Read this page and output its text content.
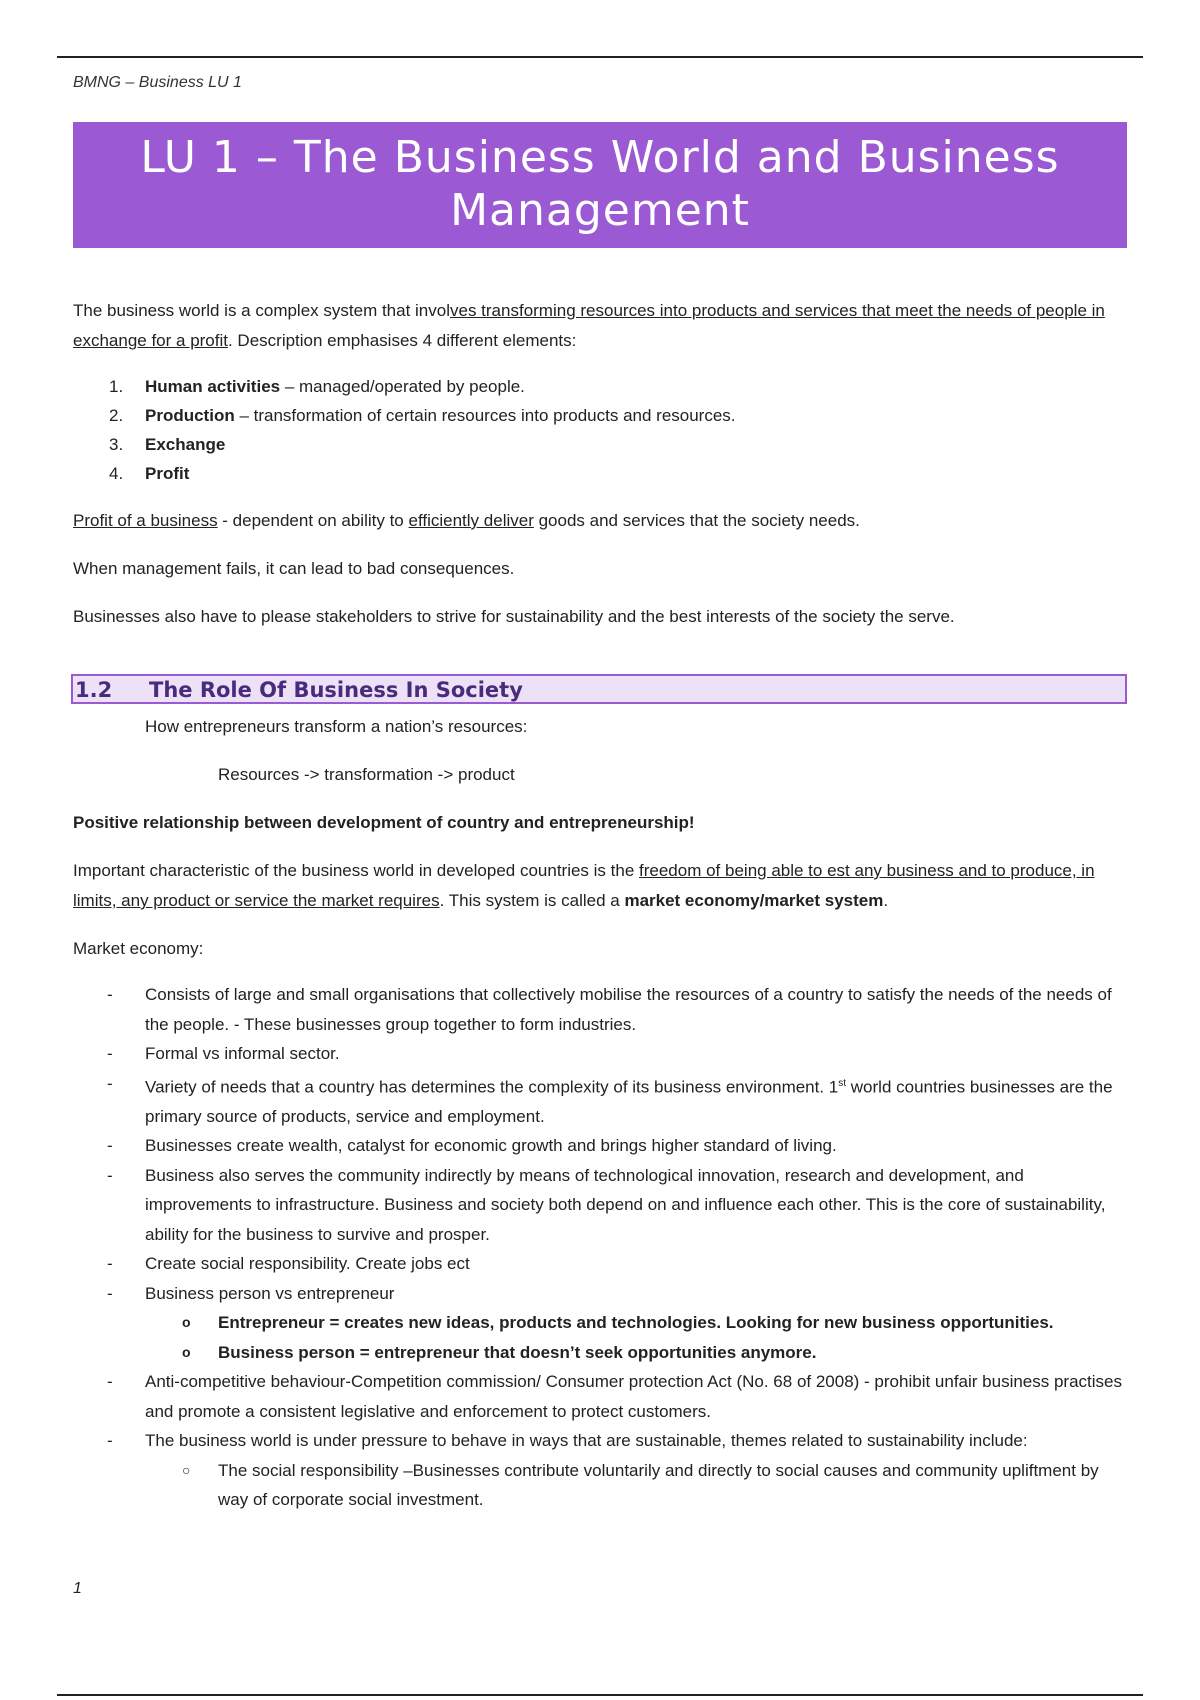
BMNG – Business LU 1
LU 1 – The Business World and Business
Management

The business world is a complex system that involves transforming resources into products and services that meet the needs of people in exchange for a profit. Description emphasises 4 different elements:

1. Human activities – managed/operated by people.
2. Production – transformation of certain resources into products and resources.
3. Exchange
4. Profit

Profit of a business - dependent on ability to efficiently deliver goods and services that the society needs.

When management fails, it can lead to bad consequences.

Businesses also have to please stakeholders to strive for sustainability and the best interests of the society the serve.

1.2 The Role Of Business In Society

How entrepreneurs transform a nation’s resources:

Resources -> transformation -> product

Positive relationship between development of country and entrepreneurship!

Important characteristic of the business world in developed countries is the freedom of being able to est any business and to produce, in limits, any product or service the market requires. This system is called a market economy/market system.

Market economy:

- Consists of large and small organisations that collectively mobilise the resources of a country to satisfy the needs of the needs of the people. - These businesses group together to form industries.
- Formal vs informal sector.
- Variety of needs that a country has determines the complexity of its business environment. 1st world countries businesses are the primary source of products, service and employment.
- Businesses create wealth, catalyst for economic growth and brings higher standard of living.
- Business also serves the community indirectly by means of technological innovation, research and development, and improvements to infrastructure. Business and society both depend on and influence each other. This is the core of sustainability, ability for the business to survive and prosper.
- Create social responsibility. Create jobs ect
- Business person vs entrepreneur
o Entrepreneur = creates new ideas, products and technologies. Looking for new business opportunities.
o Business person = entrepreneur that doesn’t seek opportunities anymore.
- Anti-competitive behaviour-Competition commission/ Consumer protection Act (No. 68 of 2008) - prohibit unfair business practises and promote a consistent legislative and enforcement to protect customers.
- The business world is under pressure to behave in ways that are sustainable, themes related to sustainability include:
○ The social responsibility –Businesses contribute voluntarily and directly to social causes and community upliftment by way of corporate social investment.
1
